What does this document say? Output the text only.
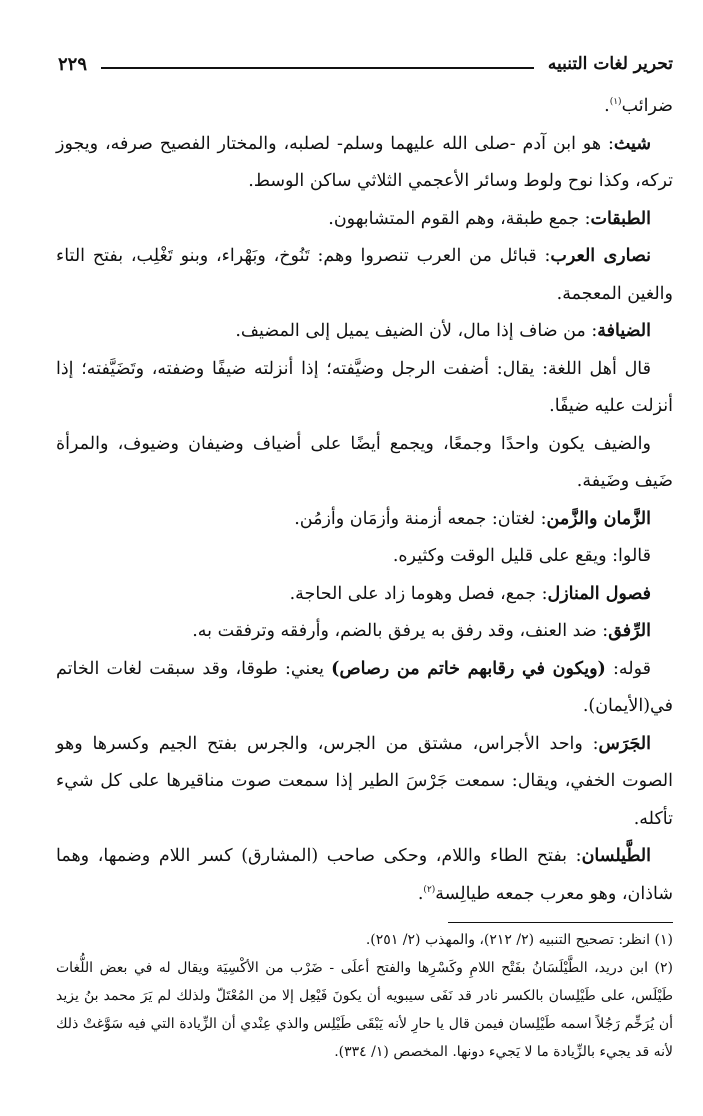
تحرير لغات التنبيه
٢٢٩

ضرائب$^{(١)}$.

شيث: هو ابن آدم -صلى الله عليهما وسلم- لصلبه، والمختار الفصيح صرفه، ويجوز تركه، وكذا نوح ولوط وسائر الأعجمي الثلاثي ساكن الوسط.

الطبقات: جمع طبقة، وهم القوم المتشابهون.

نصارى العرب: قبائل من العرب تنصروا وهم: تَنُوخ، وبَهْراء، وبنو تَغْلِب، بفتح التاء والغين المعجمة.

الضيافة: من ضاف إذا مال، لأن الضيف يميل إلى المضيف.

قال أهل اللغة: يقال: أضفت الرجل وضيَّفته؛ إذا أنزلته ضيفًا وضفته، وتَضَيَّفته؛ إذا أنزلت عليه ضيفًا.

والضيف يكون واحدًا وجمعًا، ويجمع أيضًا على أضياف وضيفان وضيوف، والمرأة ضَيف وضَيفة.

الزَّمان والزَّمن: لغتان: جمعه أزمنة وأزمَان وأزمُن.

قالوا: ويقع على قليل الوقت وكثيره.

فصول المنازل: جمع، فصل وهوما زاد على الحاجة.

الرِّفق: ضد العنف، وقد رفق به يرفق بالضم، وأرفقه وترفقت به.

قوله: (ويكون في رقابهم خاتم من رصاص) يعني: طوقا، وقد سبقت لغات الخاتم في(الأيمان).

الجَرَس: واحد الأجراس، مشتق من الجرس، والجرس بفتح الجيم وكسرها وهو الصوت الخفي، ويقال: سمعت جَرْسَ الطير إذا سمعت صوت مناقيرها على كل شيء تأكله.

الطَّيلسان: بفتح الطاء واللام، وحكى صاحب (المشارق) كسر اللام وضمها، وهما شاذان، وهو معرب جمعه طيالِسة$^{(٢)}$.

(١) انظر: تصحيح التنبيه (٢/ ٢١٢)، والمهذب (٢/ ٢٥١).

(٢) ابن دريد، الطَّيْلَسَانُ بفَتْح اللامِ وكَسْرِها والفتح أعلَى - ضَرْب من الأكْسِيَة ويقال له في بعض اللُّغات طَيْلَس، على طَيْلِسان بالكسر نادر قد نَفَى سيبويه أن يكونَ فَيْعِل إلا من المُعْتَلّ ولذلك لم يَرَ محمد بنُ يزيد أن يُرَخِّم رَجُلاً اسمه طَيْلِسان فيمن قال يا حارِ لأنه يَبْقَى طَيْلِس والذي عِنْدي أن الزِّيادة التي فيه سَوَّغتْ ذلك لأنه قد يجيء بالزِّيادة ما لا يَجيء دونها. المخصص (١/ ٣٣٤).
